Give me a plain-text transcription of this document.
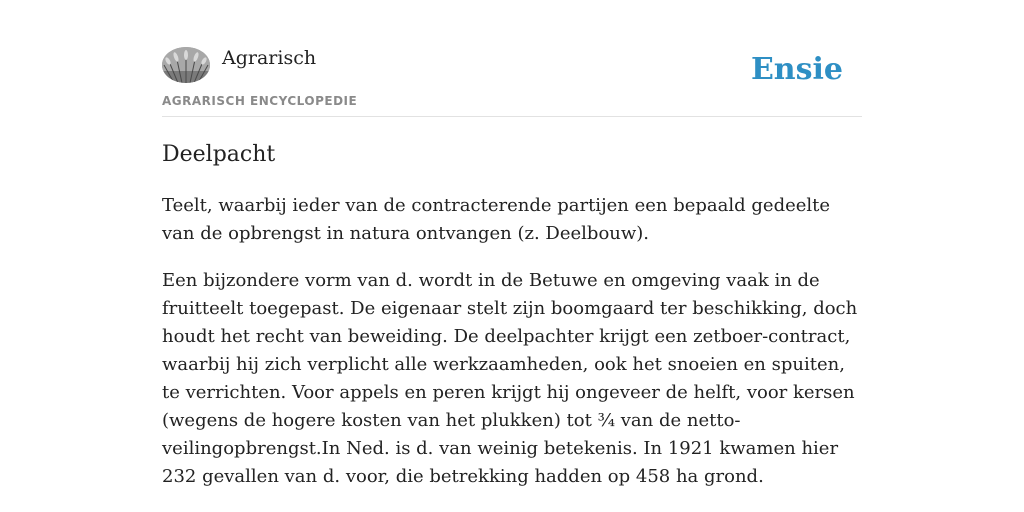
Agrarisch
AGRARISCH ENCYCLOPEDIE
Ensie
Deelpacht

Teelt, waarbij ieder van de contracterende partijen een bepaald gedeelte van de opbrengst in natura ontvangen (z. Deelbouw).

Een bijzondere vorm van d. wordt in de Betuwe en omgeving vaak in de fruitteelt toegepast. De eigenaar stelt zijn boomgaard ter beschikking, doch houdt het recht van beweiding. De deelpachter krijgt een zetboer-contract, waarbij hij zich verplicht alle werkzaamheden, ook het snoeien en spuiten, te verrichten. Voor appels en peren krijgt hij ongeveer de helft, voor kersen (wegens de hogere kosten van het plukken) tot ¾ van de netto-veilingopbrengst.In Ned. is d. van weinig betekenis. In 1921 kwamen hier 232 gevallen van d. voor, die betrekking hadden op 458 ha grond.
